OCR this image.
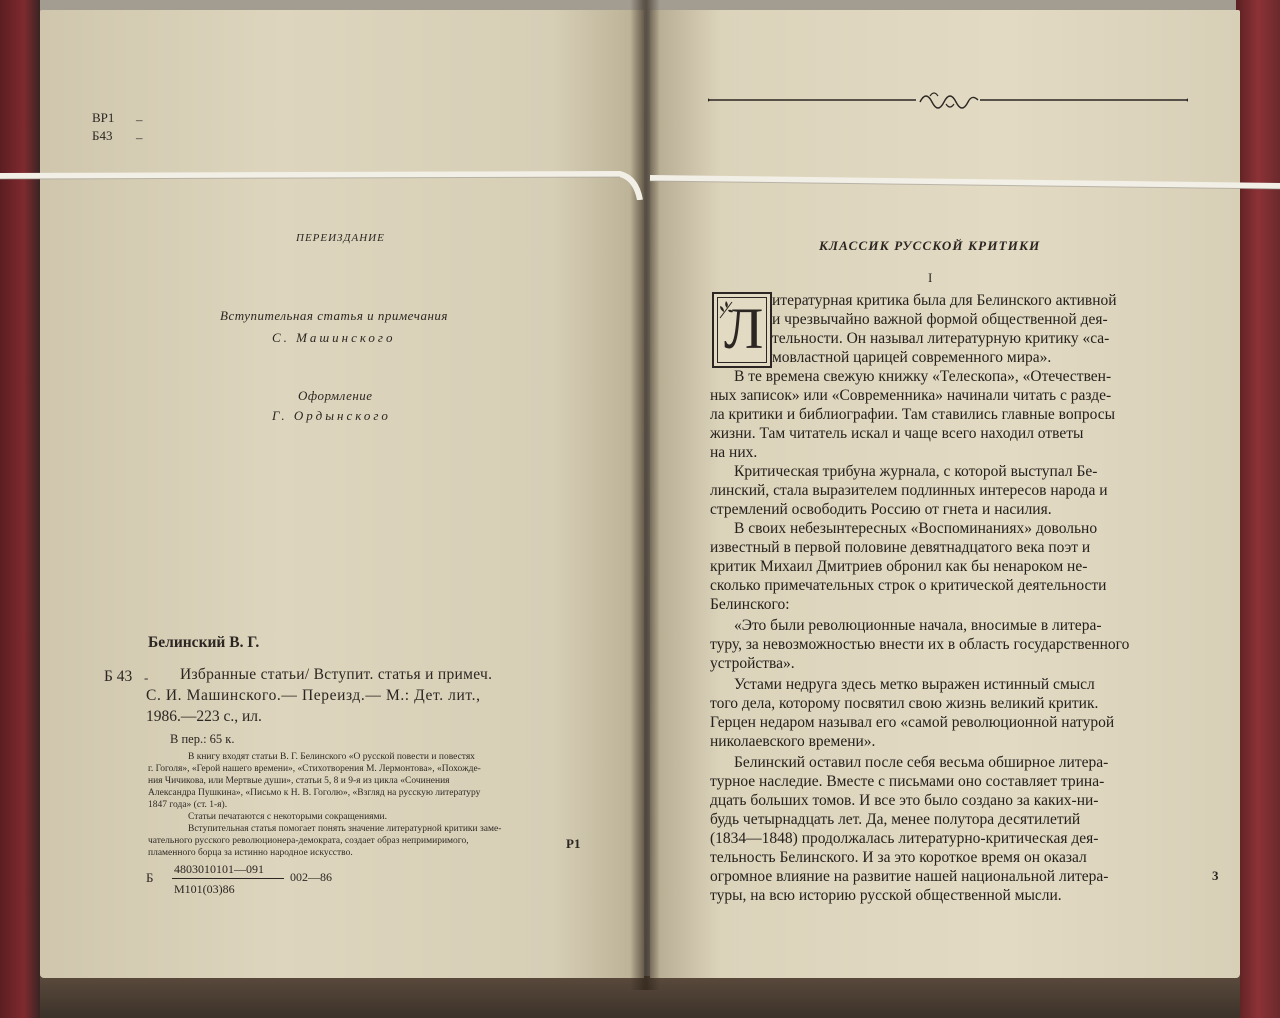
ВР1 –
Б43 –
ПЕРЕИЗДАНИЕ
Вступительная статья и примечания
С. Машинского
Оформление
Г. Ордынского
Белинский В. Г.
Б 43 - Избранные статьи/ Вступит. статья и примеч.
С. И. Машинского.— Переизд.— М.: Дет. лит.,
1986.—223 с., ил.
В пер.: 65 к.
В книгу входят статьи В. Г. Белинского «О русской повести и повестях
г. Гоголя», «Герой нашего времени», «Стихотворения М. Лермонтова», «Похожде-
ния Чичикова, или Мертвые души», статьи 5, 8 и 9-я из цикла «Сочинения
Александра Пушкина», «Письмо к Н. В. Гоголю», «Взгляд на русскую литературу
1847 года» (ст. 1-я).
Статьи печатаются с некоторыми сокращениями.
Вступительная статья помогает понять значение литературной критики заме-
чательного русского революционера-демократа, создает образ непримиримого,
пламенного борца за истинно народное искусство.
Р1
Б
4803010101—091
М101(03)86
002—86
КЛАССИК РУССКОЙ КРИТИКИ
I
Л итературная критика была для Белинского активной
и чрезвычайно важной формой общественной дея-
тельности. Он называл литературную критику «са-
мовластной царицей современного мира».
В те времена свежую книжку «Телескопа», «Отечествен-
ных записок» или «Современника» начинали читать с разде-
ла критики и библиографии. Там ставились главные вопросы
жизни. Там читатель искал и чаще всего находил ответы
на них.
Критическая трибуна журнала, с которой выступал Бе-
линский, стала выразителем подлинных интересов народа и
стремлений освободить Россию от гнета и насилия.
В своих небезынтересных «Воспоминаниях» довольно
известный в первой половине девятнадцатого века поэт и
критик Михаил Дмитриев обронил как бы ненароком не-
сколько примечательных строк о критической деятельности
Белинского:
«Это были революционные начала, вносимые в литера-
туру, за невозможностью внести их в область государственного
устройства».
Устами недруга здесь метко выражен истинный смысл
того дела, которому посвятил свою жизнь великий критик.
Герцен недаром называл его «самой революционной натурой
николаевского времени».
Белинский оставил после себя весьма обширное литера-
турное наследие. Вместе с письмами оно составляет трина-
дцать больших томов. И все это было создано за каких-ни-
будь четырнадцать лет. Да, менее полутора десятилетий
(1834—1848) продолжалась литературно-критическая дея-
тельность Белинского. И за это короткое время он оказал
огромное влияние на развитие нашей национальной литера-
туры, на всю историю русской общественной мысли.
3
